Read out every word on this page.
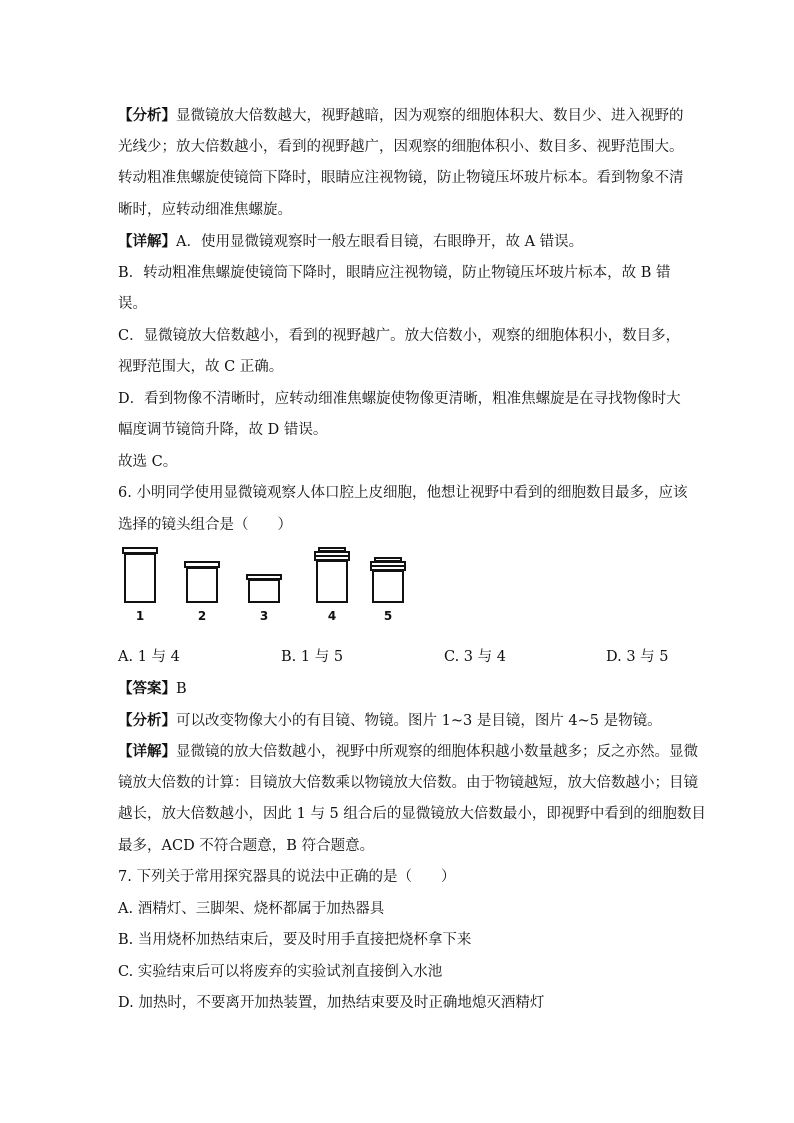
【分析】显微镜放大倍数越大，视野越暗，因为观察的细胞体积大、数目少、进入视野的
光线少；放大倍数越小，看到的视野越广，因观察的细胞体积小、数目多、视野范围大。
转动粗准焦螺旋使镜筒下降时，眼睛应注视物镜，防止物镜压坏玻片标本。看到物象不清
晰时，应转动细准焦螺旋。
【详解】A．使用显微镜观察时一般左眼看目镜，右眼睁开，故 A 错误。
B．转动粗准焦螺旋使镜筒下降时，眼睛应注视物镜，防止物镜压坏玻片标本，故 B 错
误。
C．显微镜放大倍数越小，看到的视野越广。放大倍数小，观察的细胞体积小，数目多，
视野范围大，故 C 正确。
D．看到物像不清晰时，应转动细准焦螺旋使物像更清晰，粗准焦螺旋是在寻找物像时大
幅度调节镜筒升降，故 D 错误。
故选 C。
6. 小明同学使用显微镜观察人体口腔上皮细胞，他想让视野中看到的细胞数目最多，应该
选择的镜头组合是（　　）
1	2	3	4	5
A. 1 与 4	B. 1 与 5	C. 3 与 4	D. 3 与 5
【答案】B
【分析】可以改变物像大小的有目镜、物镜。图片 1~3 是目镜，图片 4~5 是物镜。
【详解】显微镜的放大倍数越小，视野中所观察的细胞体积越小数量越多；反之亦然。显微
镜放大倍数的计算：目镜放大倍数乘以物镜放大倍数。由于物镜越短，放大倍数越小；目镜
越长，放大倍数越小，因此 1 与 5 组合后的显微镜放大倍数最小，即视野中看到的细胞数目
最多，ACD 不符合题意，B 符合题意。
7. 下列关于常用探究器具的说法中正确的是（　　）
A. 酒精灯、三脚架、烧杯都属于加热器具
B. 当用烧杯加热结束后，要及时用手直接把烧杯拿下来
C. 实验结束后可以将废弃的实验试剂直接倒入水池
D. 加热时，不要离开加热装置，加热结束要及时正确地熄灭酒精灯
